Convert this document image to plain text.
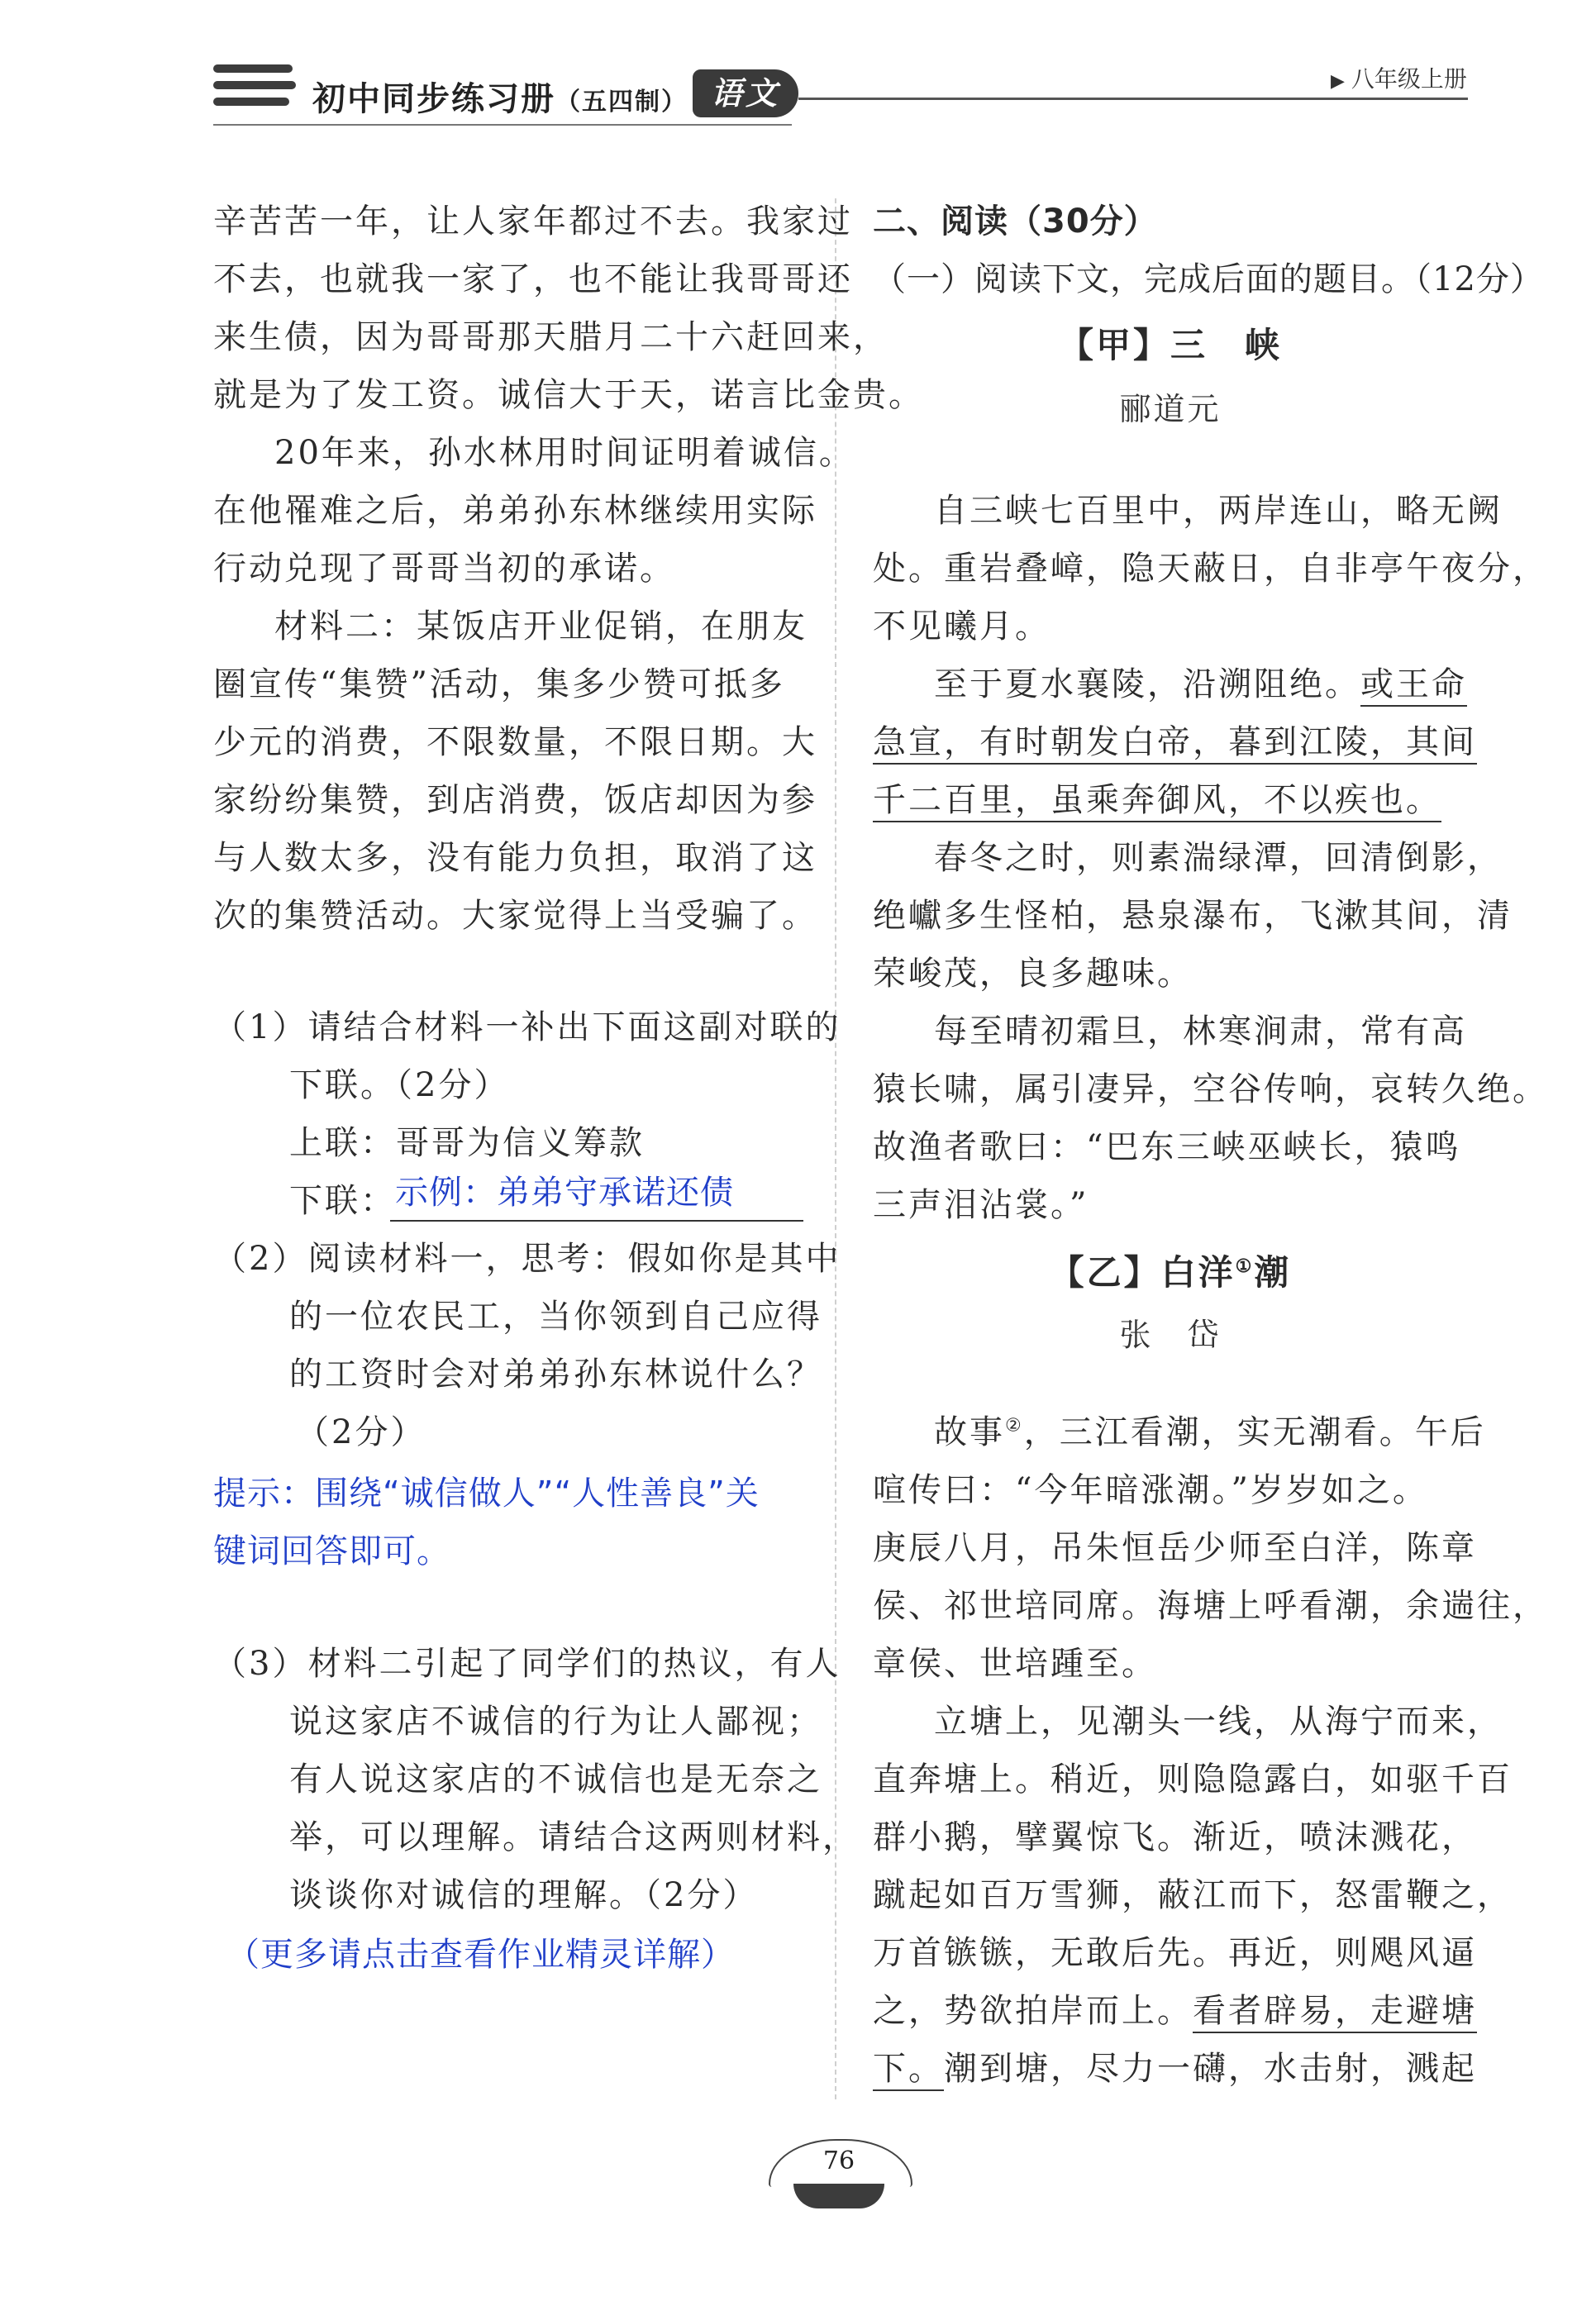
初中同步练习册（五四制） 语文	▶ 八年级上册
辛苦苦一年，让人家年都过不去。我家过
不去，也就我一家了，也不能让我哥哥还
来生债，因为哥哥那天腊月二十六赶回来，
就是为了发工资。诚信大于天，诺言比金贵。
20年来，孙水林用时间证明着诚信。
在他罹难之后，弟弟孙东林继续用实际
行动兑现了哥哥当初的承诺。
材料二：某饭店开业促销，在朋友
圈宣传“集赞”活动，集多少赞可抵多
少元的消费，不限数量，不限日期。大
家纷纷集赞，到店消费，饭店却因为参
与人数太多，没有能力负担，取消了这
次的集赞活动。大家觉得上当受骗了。
（1）请结合材料一补出下面这副对联的
下联。（2分）
上联：哥哥为信义筹款
下联： 示例：弟弟守承诺还债
（2）阅读材料一，思考：假如你是其中
的一位农民工，当你领到自己应得
的工资时会对弟弟孙东林说什么？
（2分）
提示：围绕“诚信做人”“人性善良”关
键词回答即可。
（3）材料二引起了同学们的热议，有人
说这家店不诚信的行为让人鄙视；
有人说这家店的不诚信也是无奈之
举，可以理解。请结合这两则材料，
谈谈你对诚信的理解。（2分）
（更多请点击查看作业精灵详解）
二、阅读（30分）
（一）阅读下文，完成后面的题目。（12分）
【甲】三　峡
郦道元
自三峡七百里中，两岸连山，略无阙
处。重岩叠嶂，隐天蔽日，自非亭午夜分，
不见曦月。
至于夏水襄陵，沿溯阻绝。或王命
急宣，有时朝发白帝，暮到江陵，其间
千二百里，虽乘奔御风，不以疾也。
春冬之时，则素湍绿潭，回清倒影，
绝巘多生怪柏，悬泉瀑布，飞漱其间，清
荣峻茂，良多趣味。
每至晴初霜旦，林寒涧肃，常有高
猿长啸，属引凄异，空谷传响，哀转久绝。
故渔者歌曰：“巴东三峡巫峡长，猿鸣
三声泪沾裳。”
【乙】白洋①潮
张　岱
故事②，三江看潮，实无潮看。午后
喧传曰：“今年暗涨潮。”岁岁如之。
庚辰八月，吊朱恒岳少师至白洋，陈章
侯、祁世培同席。海塘上呼看潮，余遄往，
章侯、世培踵至。
立塘上，见潮头一线，从海宁而来，
直奔塘上。稍近，则隐隐露白，如驱千百
群小鹅，擘翼惊飞。渐近，喷沫溅花，
蹴起如百万雪狮，蔽江而下，怒雷鞭之，
万首镞镞，无敢后先。再近，则飓风逼
之，势欲拍岸而上。看者辟易，走避塘
下。潮到塘，尽力一礴，水击射，溅起
76
